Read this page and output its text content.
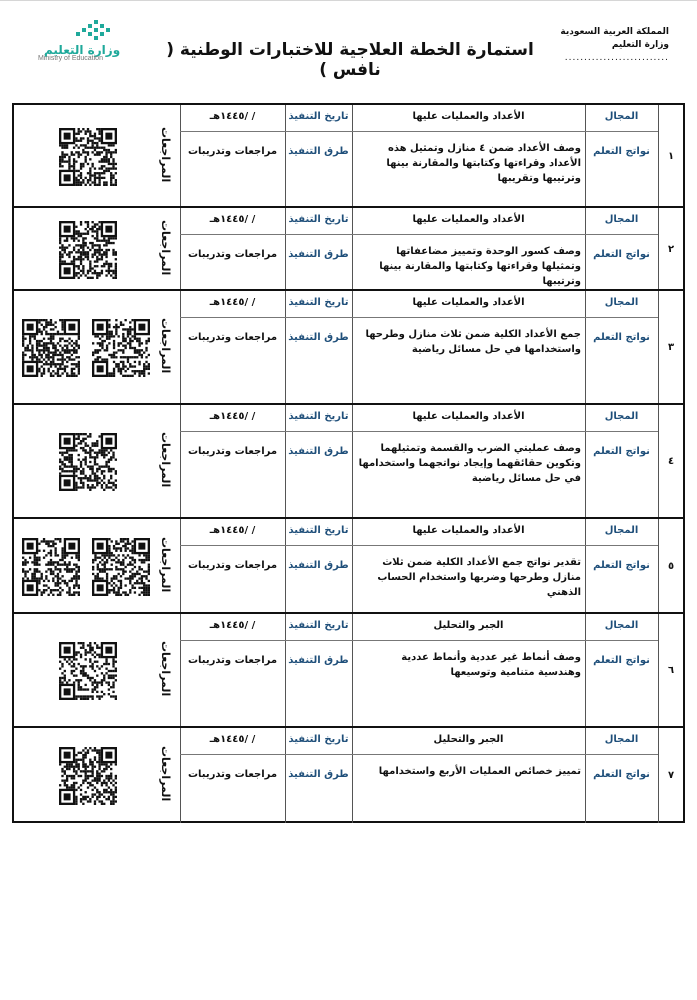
المملكة العربية السعودية
وزارة التعليم
...........................
استمارة الخطة العلاجية للاختبارات الوطنية ( نافس )
وزارة التعليم
Ministry of Education
١
المجال
نواتج التعلم
الأعداد والعمليات عليها
وصف الأعداد ضمن ٤ منازل وتمثيل هذه الأعداد وقراءتها وكتابتها والمقارنة بينها وترتيبها وتقريبها
تاريخ التنفيذ
طرق التنفيذ
/ /١٤٤٥هـ
مراجعات وتدريبات
المراجعات
٢
المجال
نواتج التعلم
الأعداد والعمليات عليها
وصف كسور الوحدة وتمييز مضاعفاتها وتمثيلها وقراءتها وكتابتها والمقارنة بينها وترتيبها
تاريخ التنفيذ
طرق التنفيذ
/ /١٤٤٥هـ
مراجعات وتدريبات
المراجعات
٣
المجال
نواتج التعلم
الأعداد والعمليات عليها
جمع الأعداد الكلية ضمن ثلاث منازل وطرحها واستخدامها في حل مسائل رياضية
تاريخ التنفيذ
طرق التنفيذ
/ /١٤٤٥هـ
مراجعات وتدريبات
المراجعات
٤
المجال
نواتج التعلم
الأعداد والعمليات عليها
وصف عمليتي الضرب والقسمة وتمثيلهما وتكوين حقائقهما وإيجاد نواتجهما واستخدامها في حل مسائل رياضية
تاريخ التنفيذ
طرق التنفيذ
/ /١٤٤٥هـ
مراجعات وتدريبات
المراجعات
٥
المجال
نواتج التعلم
الأعداد والعمليات عليها
تقدير نواتج جمع الأعداد الكلية ضمن ثلاث منازل وطرحها وضربها واستخدام الحساب الذهني
تاريخ التنفيذ
طرق التنفيذ
/ /١٤٤٥هـ
مراجعات وتدريبات
المراجعات
٦
المجال
نواتج التعلم
الجبر والتحليل
وصف أنماط غير عددية وأنماط عددية وهندسية متنامية وتوسيعها
تاريخ التنفيذ
طرق التنفيذ
/ /١٤٤٥هـ
مراجعات وتدريبات
المراجعات
٧
المجال
نواتج التعلم
الجبر والتحليل
تمييز خصائص العمليات الأربع واستخدامها
تاريخ التنفيذ
طرق التنفيذ
/ /١٤٤٥هـ
مراجعات وتدريبات
المراجعات
